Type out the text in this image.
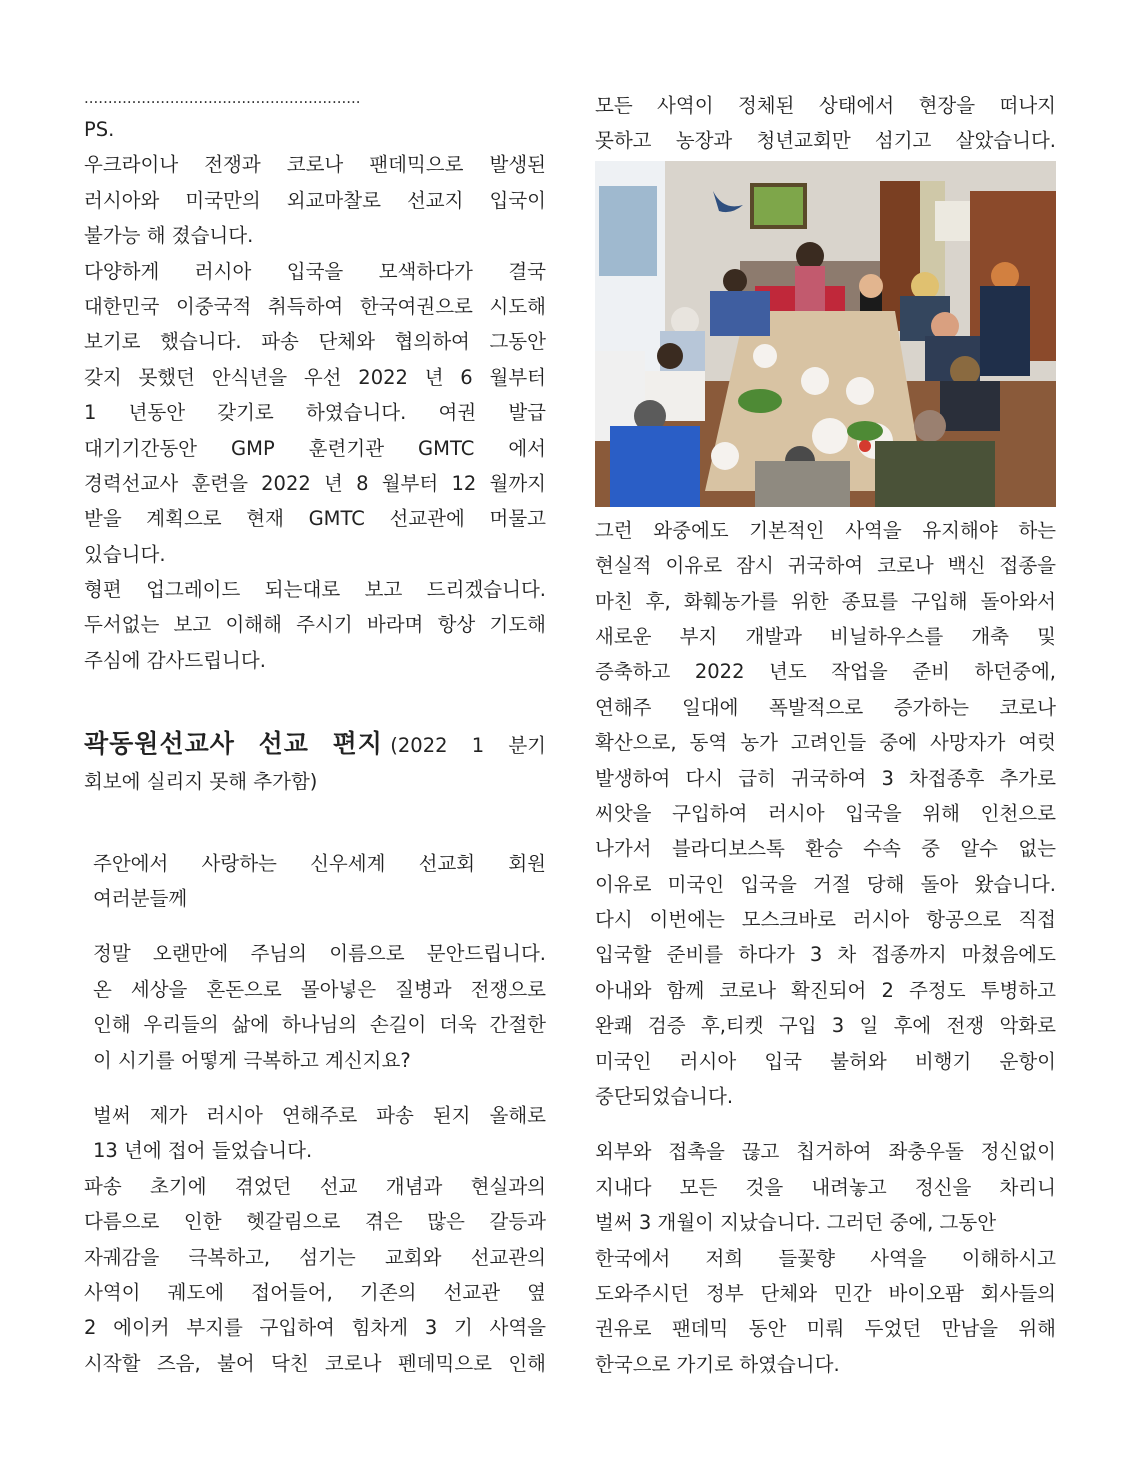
..........................................................
PS.
우크라이나 전쟁과 코로나 팬데믹으로 발생된
러시아와 미국만의 외교마찰로 선교지 입국이
불가능 해 졌습니다.
다양하게 러시아 입국을 모색하다가 결국
대한민국 이중국적 취득하여 한국여권으로 시도해
보기로 했습니다. 파송 단체와 협의하여 그동안
갖지 못했던 안식년을 우선 2022 년 6 월부터
1 년동안 갖기로 하였습니다. 여권 발급
대기기간동안 GMP 훈련기관 GMTC 에서
경력선교사 훈련을 2022 년 8 월부터 12 월까지
받을 계획으로 현재 GMTC 선교관에 머물고
있습니다.
형편 업그레이드 되는대로 보고 드리겠습니다.
두서없는 보고 이해해 주시기 바라며 항상 기도해
주심에 감사드립니다.
곽동원선교사 선교 편지 (2022 1 분기
회보에 실리지 못해 추가함)
주안에서 사랑하는 신우세계 선교회 회원
여러분들께
정말 오랜만에 주님의 이름으로 문안드립니다.
온 세상을 혼돈으로 몰아넣은 질병과 전쟁으로
인해 우리들의 삶에 하나님의 손길이 더욱 간절한
이 시기를 어떻게 극복하고 계신지요?
벌써 제가 러시아 연해주로 파송 된지 올해로
13 년에 접어 들었습니다.
파송 초기에 겪었던 선교 개념과 현실과의
다름으로 인한 헷갈림으로 겪은 많은 갈등과
자궤감을 극복하고, 섬기는 교회와 선교관의
사역이 궤도에 접어들어, 기존의 선교관 옆
2 에이커 부지를 구입하여 힘차게 3 기 사역을
시작할 즈음, 불어 닥친 코로나 펜데믹으로 인해
모든 사역이 정체된 상태에서 현장을 떠나지
못하고 농장과 청년교회만 섬기고 살았습니다.
그런 와중에도 기본적인 사역을 유지해야 하는
현실적 이유로 잠시 귀국하여 코로나 백신 접종을
마친 후, 화훼농가를 위한 종묘를 구입해 돌아와서
새로운 부지 개발과 비닐하우스를 개축 및
증축하고 2022 년도 작업을 준비 하던중에,
연해주 일대에 폭발적으로 증가하는 코로나
확산으로, 동역 농가 고려인들 중에 사망자가 여럿
발생하여 다시 급히 귀국하여 3 차접종후 추가로
씨앗을 구입하여 러시아 입국을 위해 인천으로
나가서 블라디보스톡 환승 수속 중 알수 없는
이유로 미국인 입국을 거절 당해 돌아 왔습니다.
다시 이번에는 모스크바로 러시아 항공으로 직접
입국할 준비를 하다가 3 차 접종까지 마쳤음에도
아내와 함께 코로나 확진되어 2 주정도 투병하고
완쾌 검증 후,티켓 구입 3 일 후에 전쟁 악화로
미국인 러시아 입국 불허와 비행기 운항이
중단되었습니다.
외부와 접촉을 끊고 칩거하여 좌충우돌 정신없이
지내다 모든 것을 내려놓고 정신을 차리니
벌써 3 개월이 지났습니다. 그러던 중에, 그동안
한국에서 저희 들꽃향 사역을 이해하시고
도와주시던 정부 단체와 민간 바이오팜 회사들의
권유로 팬데믹 동안 미뤄 두었던 만남을 위해
한국으로 가기로 하였습니다.
